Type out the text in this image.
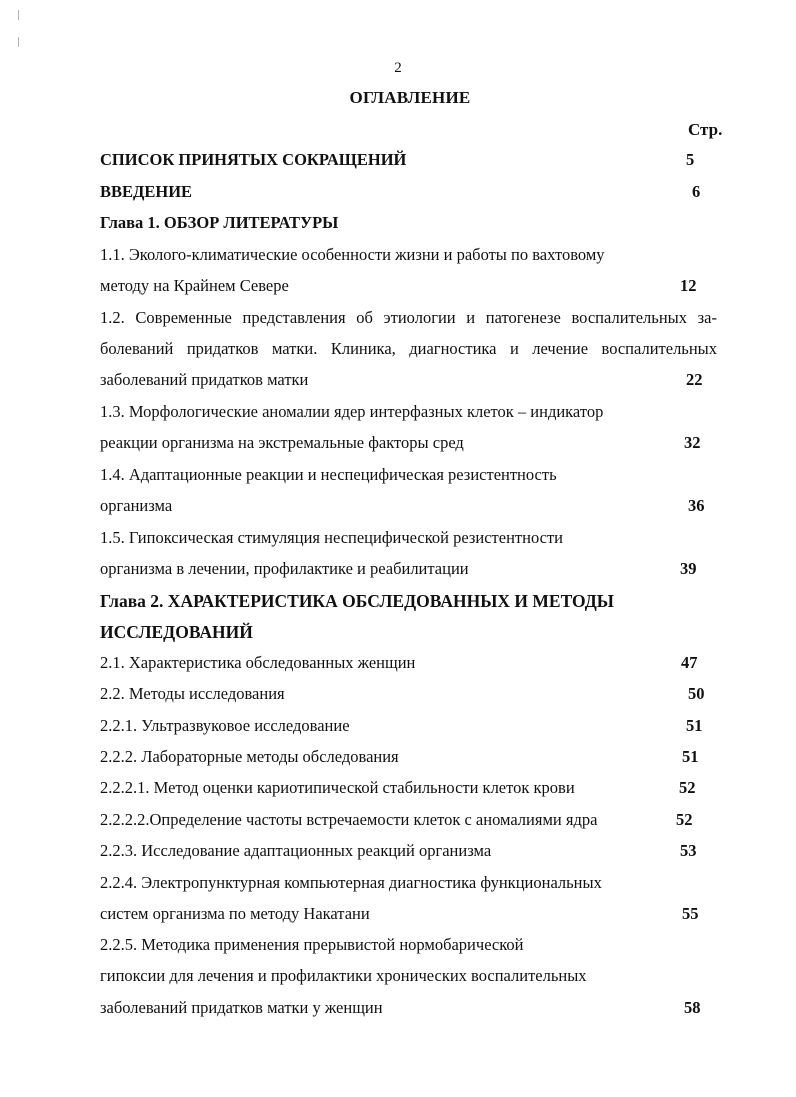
2
ОГЛАВЛЕНИЕ
Стр.
СПИСОК ПРИНЯТЫХ СОКРАЩЕНИЙ	5
ВВЕДЕНИЕ	6
Глава 1. ОБЗОР ЛИТЕРАТУРЫ
1.1. Эколого-климатические особенности жизни и работы по вахтовому
методу на Крайнем Севере	12
1.2. Современные представления об этиологии и патогенезе воспалительных за-
болеваний придатков матки. Клиника, диагностика и лечение воспалительных
заболеваний придатков матки	22
1.3. Морфологические аномалии ядер интерфазных клеток – индикатор
реакции организма на экстремальные факторы сред	32
1.4. Адаптационные реакции и неспецифическая резистентность
организма	36
1.5. Гипоксическая стимуляция неспецифической резистентности
организма в лечении, профилактике и реабилитации	39
Глава 2. ХАРАКТЕРИСТИКА ОБСЛЕДОВАННЫХ И МЕТОДЫ
ИССЛЕДОВАНИЙ
2.1. Характеристика обследованных женщин	47
2.2. Методы исследования	50
2.2.1. Ультразвуковое исследование	51
2.2.2. Лабораторные методы обследования	51
2.2.2.1. Метод оценки кариотипической стабильности клеток крови	52
2.2.2.2.Определение частоты встречаемости клеток с аномалиями ядра	52
2.2.3. Исследование адаптационных реакций организма	53
2.2.4. Электропунктурная компьютерная диагностика функциональных
систем организма по методу Накатани	55
2.2.5. Методика применения прерывистой нормобарической
гипоксии для лечения и профилактики хронических воспалительных
заболеваний придатков матки у женщин	58
